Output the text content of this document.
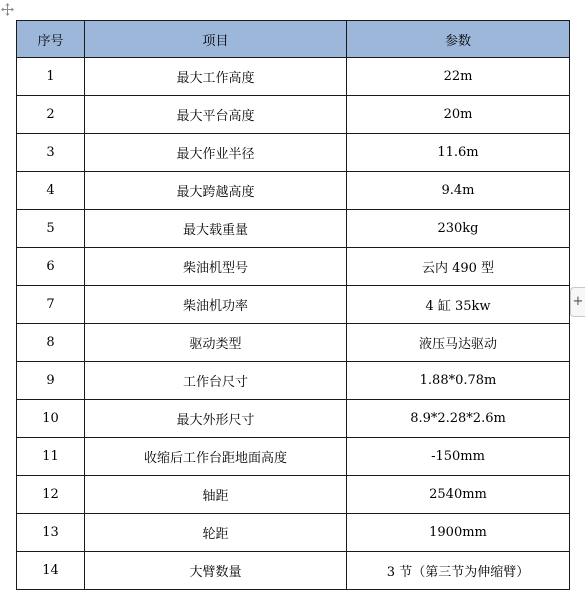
+
序号	项目	参数
1	最大工作高度	22m
2	最大平台高度	20m
3	最大作业半径	11.6m
4	最大跨越高度	9.4m
5	最大载重量	230kg
6	柴油机型号	云内 490 型
7	柴油机功率	4 缸 35kw
8	驱动类型	液压马达驱动
9	工作台尺寸	1.88*0.78m
10	最大外形尺寸	8.9*2.28*2.6m
11	收缩后工作台距地面高度	-150mm
12	轴距	2540mm
13	轮距	1900mm
14	大臂数量	3 节（第三节为伸缩臂）
